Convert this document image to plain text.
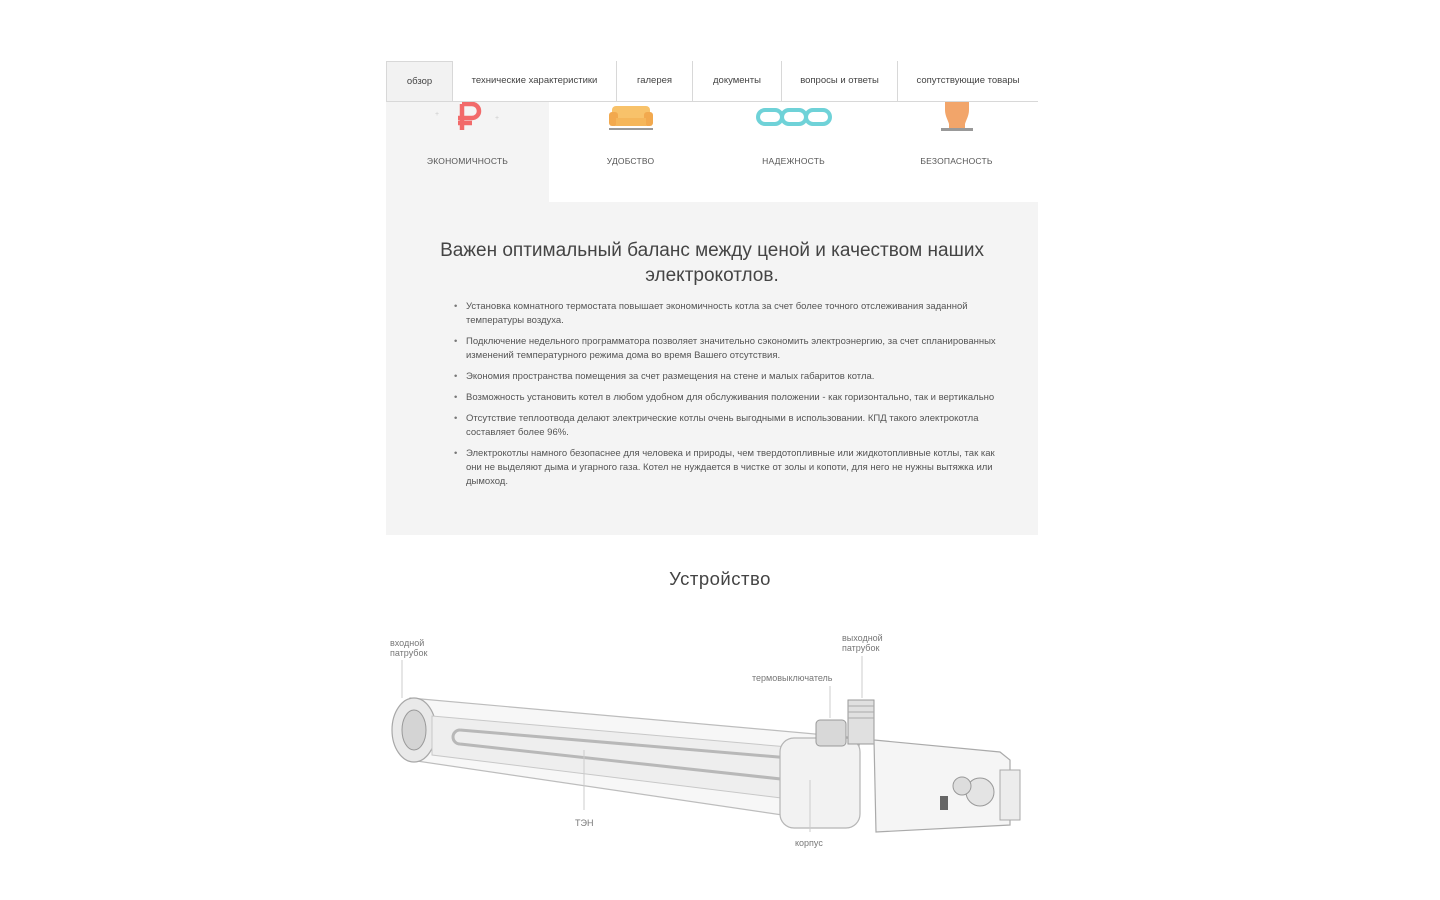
обзор	технические характеристики	галерея	документы	вопросы и ответы	сопутствующие товары
+
+
ЭКОНОМИЧНОСТЬ	УДОБСТВО	НАДЕЖНОСТЬ	БЕЗОПАСНОСТЬ
Важен оптимальный баланс между ценой и качеством наших электрокотлов.
• Установка комнатного термостата повышает экономичность котла за счет более точного отслеживания заданной температуры воздуха.
• Подключение недельного программатора позволяет значительно сэкономить электроэнергию, за счет спланированных изменений температурного режима дома во время Вашего отсутствия.
• Экономия пространства помещения за счет размещения на стене и малых габаритов котла.
• Возможность установить котел в любом удобном для обслуживания положении - как горизонтально, так и вертикально
• Отсутствие теплоотвода делают электрические котлы очень выгодными в использовании. КПД такого электрокотла составляет более 96%.
• Электрокотлы намного безопаснее для человека и природы, чем твердотопливные или жидкотопливные котлы, так как они не выделяют дыма и угарного газа. Котел не нуждается в чистке от золы и копоти, для него не нужны вытяжка или дымоход.
Устройство
входной
патрубок
выходной
патрубок
термовыключатель
ТЭН
корпус
